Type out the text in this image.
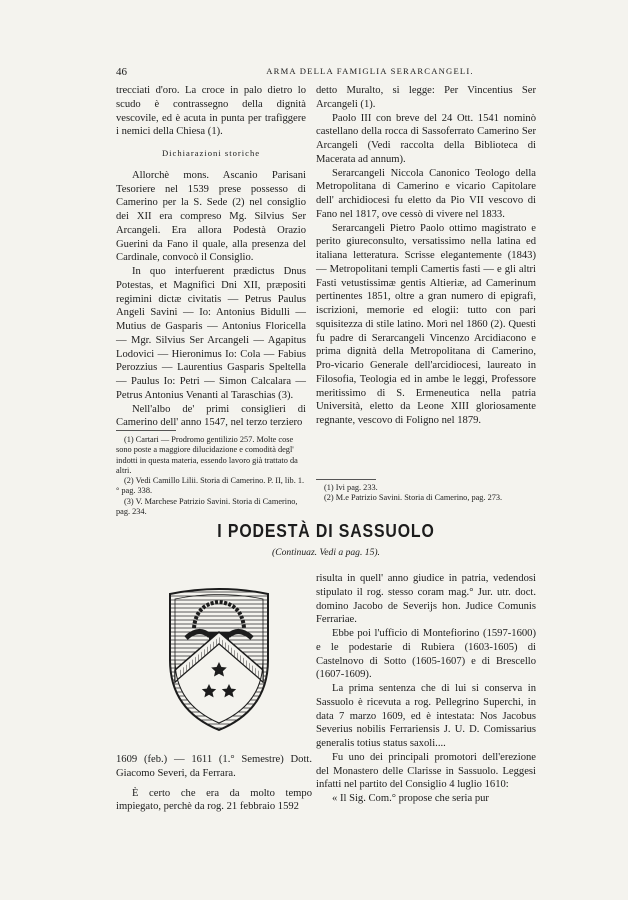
46	ARMA DELLA FAMIGLIA SERARCANGELI.

trecciati d'oro. La croce in palo dietro lo scudo è contrassegno della dignità vescovile, ed è acuta in punta per trafiggere i nemici della Chiesa (1).

Dichiarazioni storiche

Allorchè mons. Ascanio Parisani Tesoriere nel 1539 prese possesso di Camerino per la S. Sede (2) nel consiglio dei XII era compreso Mg. Silvius Ser Arcangeli. Era allora Podestà Orazio Guerini da Fano il quale, alla presenza del Cardinale, convocò il Consiglio.

In quo interfuerent prædictus Dnus Potestas, et Magnifici Dni XII, præpositi regimini dictæ civitatis — Petrus Paulus Angeli Savini — Io: Antonius Bidulli — Mutius de Gasparis — Antonius Floricella — Mgr. Silvius Ser Arcangeli — Agapitus Lodovici — Hieronimus Io: Cola — Fabius Perozzius — Laurentius Gasparis Speltella — Paulus Io: Petri — Simon Calcalara — Petrus Antonius Venanti al Taraschias (3).

Nell'albo de' primi consiglieri di Camerino dell' anno 1547, nel terzo terziero

(1) Cartari — Prodromo gentilizio 257. Molte cose sono poste a maggiore dilucidazione e comodità degl' indotti in questa materia, essendo lavoro già trattato da altri.

(2) Vedi Camillo Lilii. Storia di Camerino. P. II, lib. 1.° pag. 338.

(3) V. Marchese Patrizio Savini. Storia di Camerino, pag. 234.

detto Muralto, si legge: Per Vincentius Ser Arcangeli (1).

Paolo III con breve del 24 Ott. 1541 nominò castellano della rocca di Sassoferrato Camerino Ser Arcangeli (Vedi raccolta della Biblioteca di Macerata ad annum).

Serarcangeli Niccola Canonico Teologo della Metropolitana di Camerino e vicario Capitolare dell' archidiocesi fu eletto da Pio VII vescovo di Fano nel 1817, ove cessò di vivere nel 1833.

Serarcangeli Pietro Paolo ottimo magistrato e perito giureconsulto, versatissimo nella latina ed italiana letteratura. Scrisse elegantemente (1843) — Metropolitani templi Camertis fasti — e gli altri Fasti vetustissimæ gentis Altieriæ, ad Camerinum pertinentes 1851, oltre a gran numero di epigrafi, iscrizioni, memorie ed elogii: tutto con pari squisitezza di stile latino. Morì nel 1860 (2). Questi fu padre di Serarcangeli Vincenzo Arcidiacono e prima dignità della Metropolitana di Camerino, Pro-vicario Generale dell'arcidiocesi, laureato in Filosofia, Teologia ed in ambe le leggi, Professore meritissimo di S. Ermeneutica nella patria Università, eletto da Leone XIII gloriosamente regnante, vescovo di Foligno nel 1879.

(1) Ivi pag. 233.

(2) M.e Patrizio Savini. Storia di Camerino, pag. 273.

I PODESTÀ DI SASSUOLO
(Continuaz. Vedi a pag. 15).

1609 (feb.) — 1611 (1.° Semestre) Dott. Giacomo Severi, da Ferrara.

È certo che era da molto tempo impiegato, perchè da rog. 21 febbraio 1592

risulta in quell' anno giudice in patria, vedendosi stipulato il rog. stesso coram mag.° Jur. utr. doct. domino Jacobo de Severijs hon. Judice Comunis Ferrariae.

Ebbe poi l'ufficio di Montefiorino (1597-1600) e le podestarie di Rubiera (1603-1605) di Castelnovo di Sotto (1605-1607) e di Brescello (1607-1609).

La prima sentenza che di lui si conserva in Sassuolo è ricevuta a rog. Pellegrino Superchi, in data 7 marzo 1609, ed è intestata: Nos Jacobus Severius nobilis Ferrariensis J. U. D. Comissarius generalis totius status saxoli....

Fu uno dei principali promotori dell'erezione del Monastero delle Clarisse in Sassuolo. Leggesi infatti nel partito del Consiglio 4 luglio 1610:

« Il Sig. Com.° propose che seria pur
